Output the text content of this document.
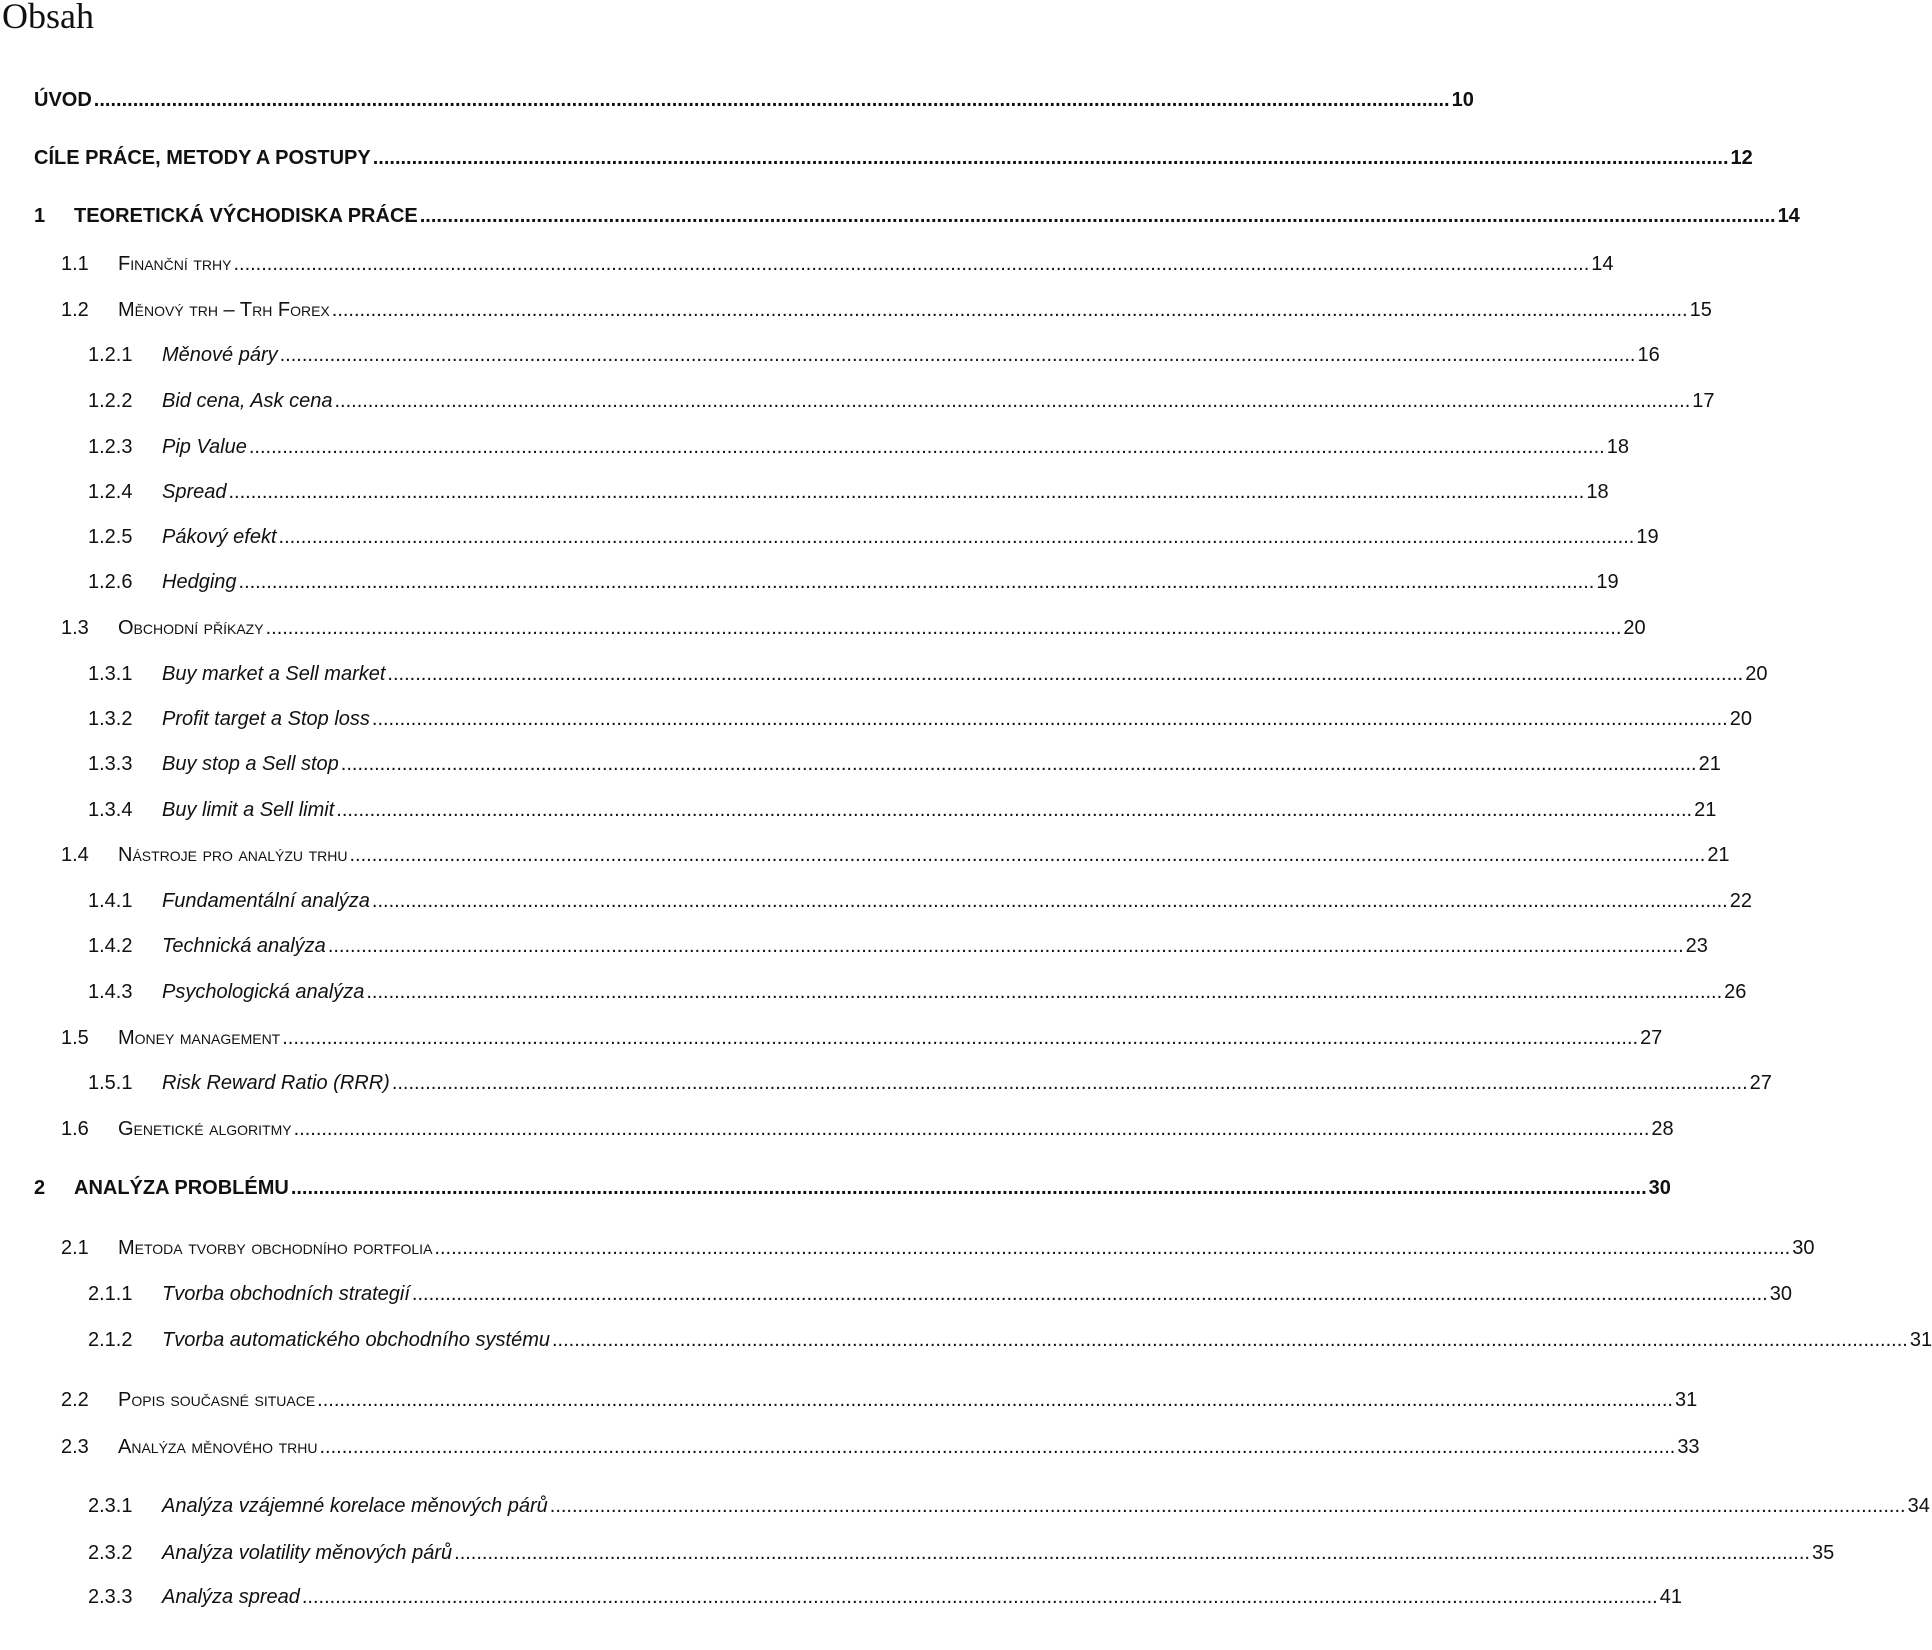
Obsah
ÚVOD .................................................................................................................................................................................................................................................... 10
CÍLE PRÁCE, METODY A POSTUPY .................................................................................................................................................................................................................................................... 12
1 TEORETICKÁ VÝCHODISKA PRÁCE .................................................................................................................................................................................................................................................... 14
1.1 Finanční trhy .................................................................................................................................................................................................................................................... 14
1.2 Měnový trh – Trh Forex .................................................................................................................................................................................................................................................... 15
1.2.1 Měnové páry .................................................................................................................................................................................................................................................... 16
1.2.2 Bid cena, Ask cena .................................................................................................................................................................................................................................................... 17
1.2.3 Pip Value .................................................................................................................................................................................................................................................... 18
1.2.4 Spread .................................................................................................................................................................................................................................................... 18
1.2.5 Pákový efekt .................................................................................................................................................................................................................................................... 19
1.2.6 Hedging .................................................................................................................................................................................................................................................... 19
1.3 Obchodní příkazy .................................................................................................................................................................................................................................................... 20
1.3.1 Buy market a Sell market .................................................................................................................................................................................................................................................... 20
1.3.2 Profit target a Stop loss .................................................................................................................................................................................................................................................... 20
1.3.3 Buy stop a Sell stop .................................................................................................................................................................................................................................................... 21
1.3.4 Buy limit a Sell limit .................................................................................................................................................................................................................................................... 21
1.4 Nástroje pro analýzu trhu .................................................................................................................................................................................................................................................... 21
1.4.1 Fundamentální analýza .................................................................................................................................................................................................................................................... 22
1.4.2 Technická analýza .................................................................................................................................................................................................................................................... 23
1.4.3 Psychologická analýza .................................................................................................................................................................................................................................................... 26
1.5 Money management .................................................................................................................................................................................................................................................... 27
1.5.1 Risk Reward Ratio (RRR) .................................................................................................................................................................................................................................................... 27
1.6 Genetické algoritmy .................................................................................................................................................................................................................................................... 28
2 ANALÝZA PROBLÉMU .................................................................................................................................................................................................................................................... 30
2.1 Metoda tvorby obchodního portfolia .................................................................................................................................................................................................................................................... 30
2.1.1 Tvorba obchodních strategií .................................................................................................................................................................................................................................................... 30
2.1.2 Tvorba automatického obchodního systému .................................................................................................................................................................................................................................................... 31
2.2 Popis současné situace .................................................................................................................................................................................................................................................... 31
2.3 Analýza měnového trhu .................................................................................................................................................................................................................................................... 33
2.3.1 Analýza vzájemné korelace měnových párů .................................................................................................................................................................................................................................................... 34
2.3.2 Analýza volatility měnových párů .................................................................................................................................................................................................................................................... 35
2.3.3 Analýza spread .................................................................................................................................................................................................................................................... 41
